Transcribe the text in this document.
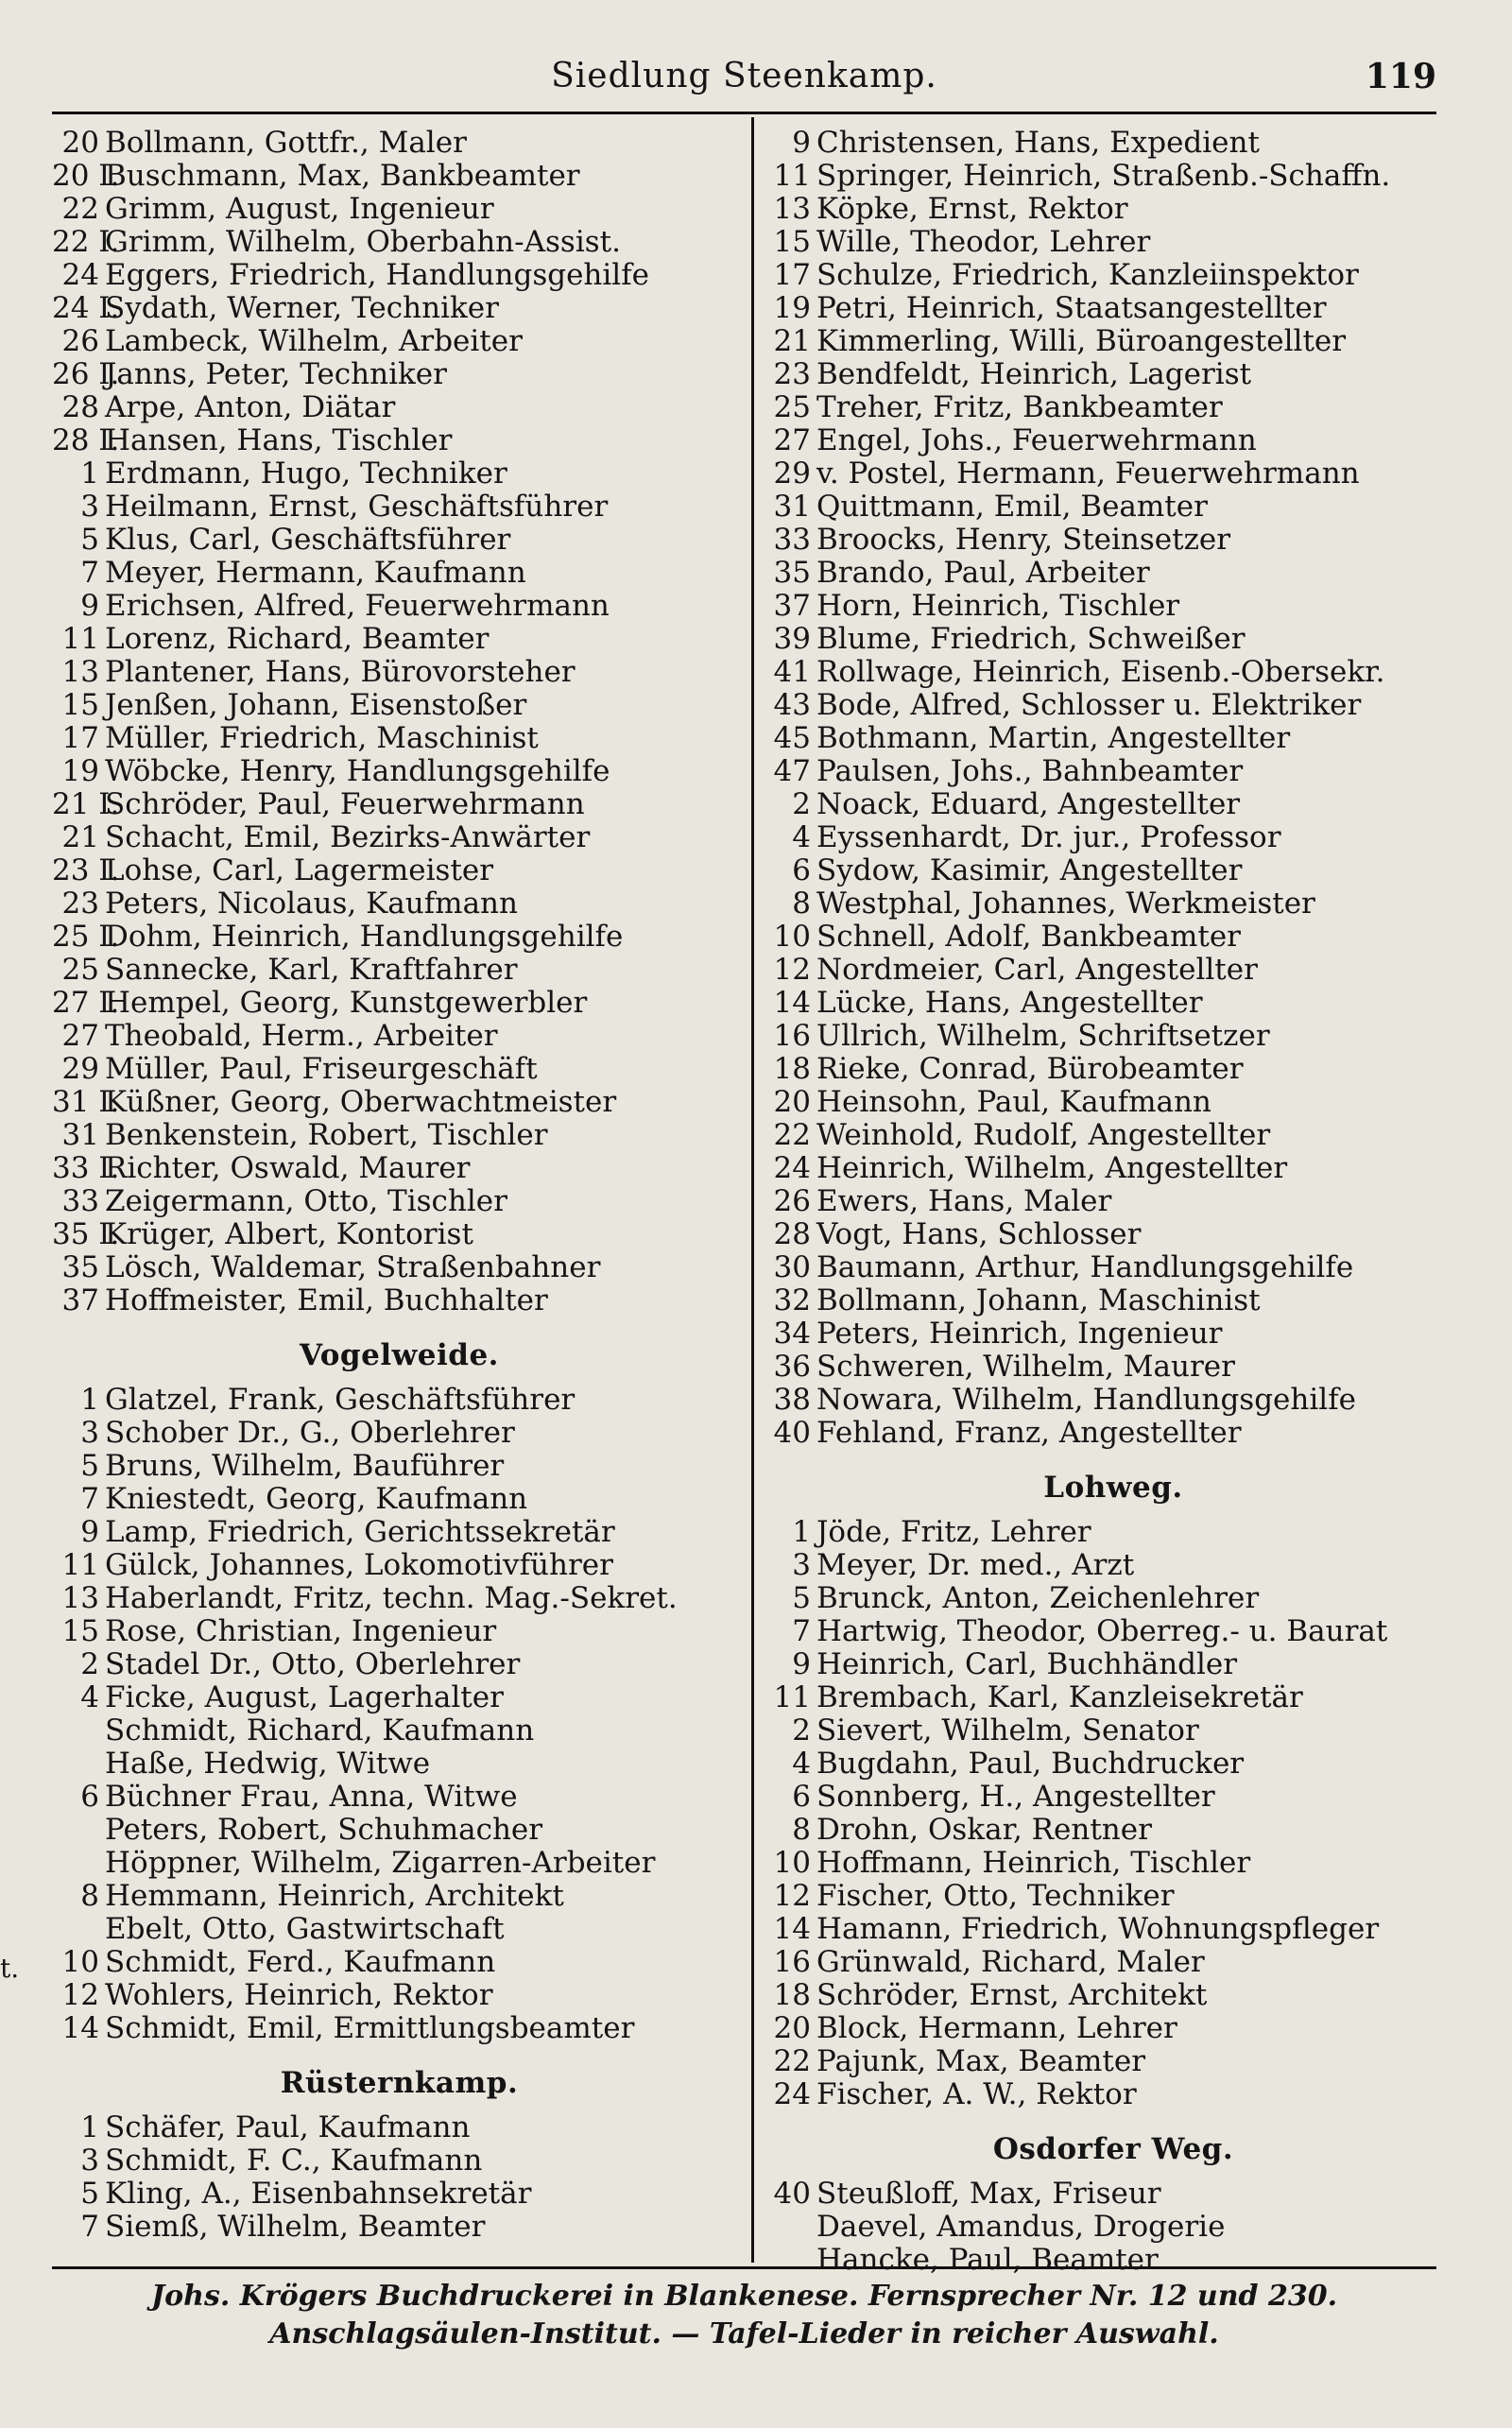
Siedlung Steenkamp.	119
20 Bollmann, Gottfr., Maler
20 I.
Buschmann, Max, Bankbeamter
22 Grimm, August, Ingenieur
22 I.
Grimm, Wilhelm, Oberbahn-Assist.
24 Eggers, Friedrich, Handlungsgehilfe
24 I.
Sydath, Werner, Techniker
26 Lambeck, Wilhelm, Arbeiter
26 I.
Janns, Peter, Techniker
28 Arpe, Anton, Diätar
28 I.
Hansen, Hans, Tischler
1 Erdmann, Hugo, Techniker
3 Heilmann, Ernst, Geschäftsführer
5 Klus, Carl, Geschäftsführer
7 Meyer, Hermann, Kaufmann
9 Erichsen, Alfred, Feuerwehrmann
11 Lorenz, Richard, Beamter
13 Plantener, Hans, Bürovorsteher
15 Jenßen, Johann, Eisenstoßer
17 Müller, Friedrich, Maschinist
19 Wöbcke, Henry, Handlungsgehilfe
21 I.
Schröder, Paul, Feuerwehrmann
21 Schacht, Emil, Bezirks-Anwärter
23 I.
Lohse, Carl, Lagermeister
23 Peters, Nicolaus, Kaufmann
25 I.
Dohm, Heinrich, Handlungsgehilfe
25 Sannecke, Karl, Kraftfahrer
27 I.
Hempel, Georg, Kunstgewerbler
27 Theobald, Herm., Arbeiter
29 Müller, Paul, Friseurgeschäft
31 I.
Küßner, Georg, Oberwachtmeister
31 Benkenstein, Robert, Tischler
33 I.
Richter, Oswald, Maurer
33 Zeigermann, Otto, Tischler
35 I.
Krüger, Albert, Kontorist
35 Lösch, Waldemar, Straßenbahner
37 Hoffmeister, Emil, Buchhalter
Vogelweide.
1 Glatzel, Frank, Geschäftsführer
3 Schober Dr., G., Oberlehrer
5 Bruns, Wilhelm, Bauführer
7 Kniestedt, Georg, Kaufmann
9 Lamp, Friedrich, Gerichtssekretär
11 Gülck, Johannes, Lokomotivführer
13 Haberlandt, Fritz, techn. Mag.-Sekret.
15 Rose, Christian, Ingenieur
2 Stadel Dr., Otto, Oberlehrer
4 Ficke, August, Lagerhalter
Schmidt, Richard, Kaufmann
Haße, Hedwig, Witwe
6 Büchner Frau, Anna, Witwe
Peters, Robert, Schuhmacher
Höppner, Wilhelm, Zigarren-Arbeiter
8 Hemmann, Heinrich, Architekt
Ebelt, Otto, Gastwirtschaft
10 Schmidt, Ferd., Kaufmann
12 Wohlers, Heinrich, Rektor
14 Schmidt, Emil, Ermittlungsbeamter
Rüsternkamp.
1 Schäfer, Paul, Kaufmann
3 Schmidt, F. C., Kaufmann
5 Kling, A., Eisenbahnsekretär
7 Siemß, Wilhelm, Beamter
9 Christensen, Hans, Expedient
11 Springer, Heinrich, Straßenb.-Schaffn.
13 Köpke, Ernst, Rektor
15 Wille, Theodor, Lehrer
17 Schulze, Friedrich, Kanzleiinspektor
19 Petri, Heinrich, Staatsangestellter
21 Kimmerling, Willi, Büroangestellter
23 Bendfeldt, Heinrich, Lagerist
25 Treher, Fritz, Bankbeamter
27 Engel, Johs., Feuerwehrmann
29 v. Postel, Hermann, Feuerwehrmann
31 Quittmann, Emil, Beamter
33 Broocks, Henry, Steinsetzer
35 Brando, Paul, Arbeiter
37 Horn, Heinrich, Tischler
39 Blume, Friedrich, Schweißer
41 Rollwage, Heinrich, Eisenb.-Obersekr.
43 Bode, Alfred, Schlosser u. Elektriker
45 Bothmann, Martin, Angestellter
47 Paulsen, Johs., Bahnbeamter
2 Noack, Eduard, Angestellter
4 Eyssenhardt, Dr. jur., Professor
6 Sydow, Kasimir, Angestellter
8 Westphal, Johannes, Werkmeister
10 Schnell, Adolf, Bankbeamter
12 Nordmeier, Carl, Angestellter
14 Lücke, Hans, Angestellter
16 Ullrich, Wilhelm, Schriftsetzer
18 Rieke, Conrad, Bürobeamter
20 Heinsohn, Paul, Kaufmann
22 Weinhold, Rudolf, Angestellter
24 Heinrich, Wilhelm, Angestellter
26 Ewers, Hans, Maler
28 Vogt, Hans, Schlosser
30 Baumann, Arthur, Handlungsgehilfe
32 Bollmann, Johann, Maschinist
34 Peters, Heinrich, Ingenieur
36 Schweren, Wilhelm, Maurer
38 Nowara, Wilhelm, Handlungsgehilfe
40 Fehland, Franz, Angestellter
Lohweg.
1 Jöde, Fritz, Lehrer
3 Meyer, Dr. med., Arzt
5 Brunck, Anton, Zeichenlehrer
7 Hartwig, Theodor, Oberreg.- u. Baurat
9 Heinrich, Carl, Buchhändler
11 Brembach, Karl, Kanzleisekretär
2 Sievert, Wilhelm, Senator
4 Bugdahn, Paul, Buchdrucker
6 Sonnberg, H., Angestellter
8 Drohn, Oskar, Rentner
10 Hoffmann, Heinrich, Tischler
12 Fischer, Otto, Techniker
14 Hamann, Friedrich, Wohnungspfleger
16 Grünwald, Richard, Maler
18 Schröder, Ernst, Architekt
20 Block, Hermann, Lehrer
22 Pajunk, Max, Beamter
24 Fischer, A. W., Rektor
Osdorfer Weg.
40 Steußloff, Max, Friseur
Daevel, Amandus, Drogerie
Hancke, Paul, Beamter
Johs. Krögers Buchdruckerei in Blankenese. Fernsprecher Nr. 12 und 230.
Anschlagsäulen-Institut. — Tafel-Lieder in reicher Auswahl.
t.
